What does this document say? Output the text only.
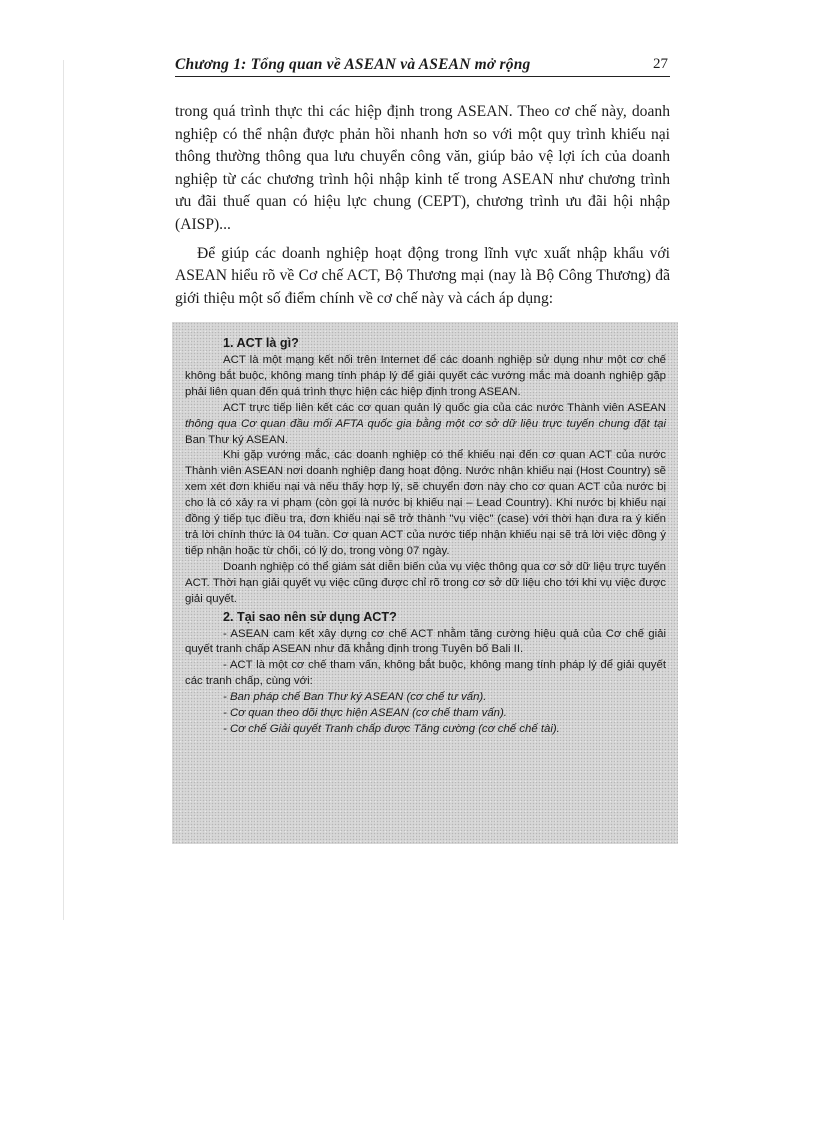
Chương 1: Tổng quan về ASEAN và ASEAN mở rộng	27

trong quá trình thực thi các hiệp định trong ASEAN. Theo cơ chế này, doanh nghiệp có thể nhận được phản hồi nhanh hơn so với một quy trình khiếu nại thông thường thông qua lưu chuyển công văn, giúp bảo vệ lợi ích của doanh nghiệp từ các chương trình hội nhập kinh tế trong ASEAN như chương trình ưu đãi thuế quan có hiệu lực chung (CEPT), chương trình ưu đãi hội nhập (AISP)...

Để giúp các doanh nghiệp hoạt động trong lĩnh vực xuất nhập khẩu với ASEAN hiểu rõ về Cơ chế ACT, Bộ Thương mại (nay là Bộ Công Thương) đã giới thiệu một số điểm chính về cơ chế này và cách áp dụng:

1. ACT là gì?

ACT là một mạng kết nối trên Internet để các doanh nghiệp sử dụng như một cơ chế không bắt buộc, không mang tính pháp lý để giải quyết các vướng mắc mà doanh nghiệp gặp phải liên quan đến quá trình thực hiện các hiệp định trong ASEAN.

ACT trực tiếp liên kết các cơ quan quản lý quốc gia của các nước Thành viên ASEAN thông qua Cơ quan đầu mối AFTA quốc gia bằng một cơ sở dữ liệu trực tuyến chung đặt tại Ban Thư ký ASEAN.

Khi gặp vướng mắc, các doanh nghiệp có thể khiếu nại đến cơ quan ACT của nước Thành viên ASEAN nơi doanh nghiệp đang hoạt động. Nước nhận khiếu nại (Host Country) sẽ xem xét đơn khiếu nại và nếu thấy hợp lý, sẽ chuyển đơn này cho cơ quan ACT của nước bị cho là có xảy ra vi phạm (còn gọi là nước bị khiếu nại – Lead Country). Khi nước bị khiếu nại đồng ý tiếp tục điều tra, đơn khiếu nại sẽ trở thành "vụ việc" (case) với thời hạn đưa ra ý kiến trả lời chính thức là 04 tuần. Cơ quan ACT của nước tiếp nhận khiếu nại sẽ trả lời việc đồng ý tiếp nhận hoặc từ chối, có lý do, trong vòng 07 ngày.

Doanh nghiệp có thể giám sát diễn biến của vụ việc thông qua cơ sở dữ liệu trực tuyến ACT. Thời hạn giải quyết vụ việc cũng được chỉ rõ trong cơ sở dữ liệu cho tới khi vụ việc được giải quyết.

2. Tại sao nên sử dụng ACT?

- ASEAN cam kết xây dựng cơ chế ACT nhằm tăng cường hiệu quả của Cơ chế giải quyết tranh chấp ASEAN như đã khẳng định trong Tuyên bố Bali II.

- ACT là một cơ chế tham vấn, không bắt buộc, không mang tính pháp lý để giải quyết các tranh chấp, cùng với:

- Ban pháp chế Ban Thư ký ASEAN (cơ chế tư vấn).

- Cơ quan theo dõi thực hiện ASEAN (cơ chế tham vấn).

- Cơ chế Giải quyết Tranh chấp được Tăng cường (cơ chế chế tài).
